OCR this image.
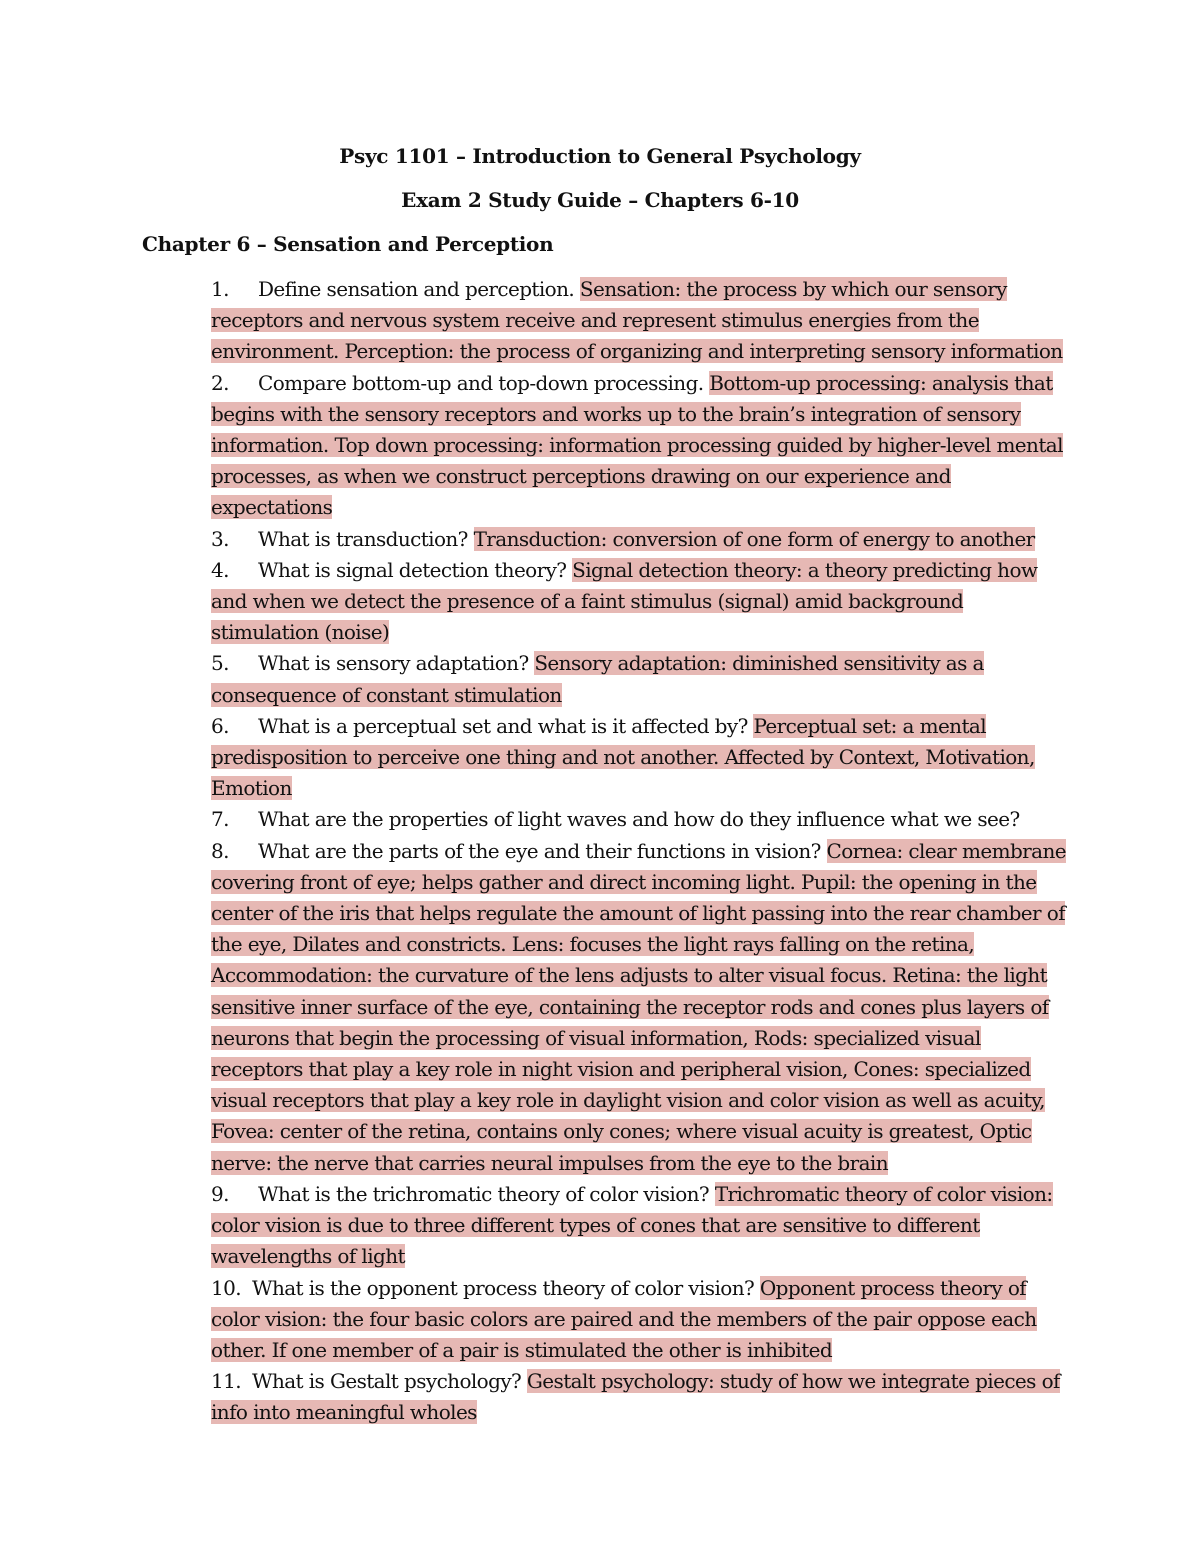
Psyc 1101 – Introduction to General Psychology
Exam 2 Study Guide – Chapters 6-10
Chapter 6 – Sensation and Perception
1. Define sensation and perception. Sensation: the process by which our sensory receptors and nervous system receive and represent stimulus energies from the environment. Perception: the process of organizing and interpreting sensory information
2. Compare bottom-up and top-down processing. Bottom-up processing: analysis that begins with the sensory receptors and works up to the brain’s integration of sensory information. Top down processing: information processing guided by higher-level mental processes, as when we construct perceptions drawing on our experience and expectations
3. What is transduction? Transduction: conversion of one form of energy to another
4. What is signal detection theory? Signal detection theory: a theory predicting how and when we detect the presence of a faint stimulus (signal) amid background stimulation (noise)
5. What is sensory adaptation? Sensory adaptation: diminished sensitivity as a consequence of constant stimulation
6. What is a perceptual set and what is it affected by? Perceptual set: a mental predisposition to perceive one thing and not another. Affected by Context, Motivation, Emotion
7. What are the properties of light waves and how do they influence what we see?
8. What are the parts of the eye and their functions in vision? Cornea: clear membrane covering front of eye; helps gather and direct incoming light. Pupil: the opening in the center of the iris that helps regulate the amount of light passing into the rear chamber of the eye, Dilates and constricts. Lens: focuses the light rays falling on the retina, Accommodation: the curvature of the lens adjusts to alter visual focus. Retina: the light sensitive inner surface of the eye, containing the receptor rods and cones plus layers of neurons that begin the processing of visual information, Rods: specialized visual receptors that play a key role in night vision and peripheral vision, Cones: specialized visual receptors that play a key role in daylight vision and color vision as well as acuity, Fovea: center of the retina, contains only cones; where visual acuity is greatest, Optic nerve: the nerve that carries neural impulses from the eye to the brain
9. What is the trichromatic theory of color vision? Trichromatic theory of color vision: color vision is due to three different types of cones that are sensitive to different wavelengths of light
10. What is the opponent process theory of color vision? Opponent process theory of color vision: the four basic colors are paired and the members of the pair oppose each other. If one member of a pair is stimulated the other is inhibited
11. What is Gestalt psychology? Gestalt psychology: study of how we integrate pieces of info into meaningful wholes
